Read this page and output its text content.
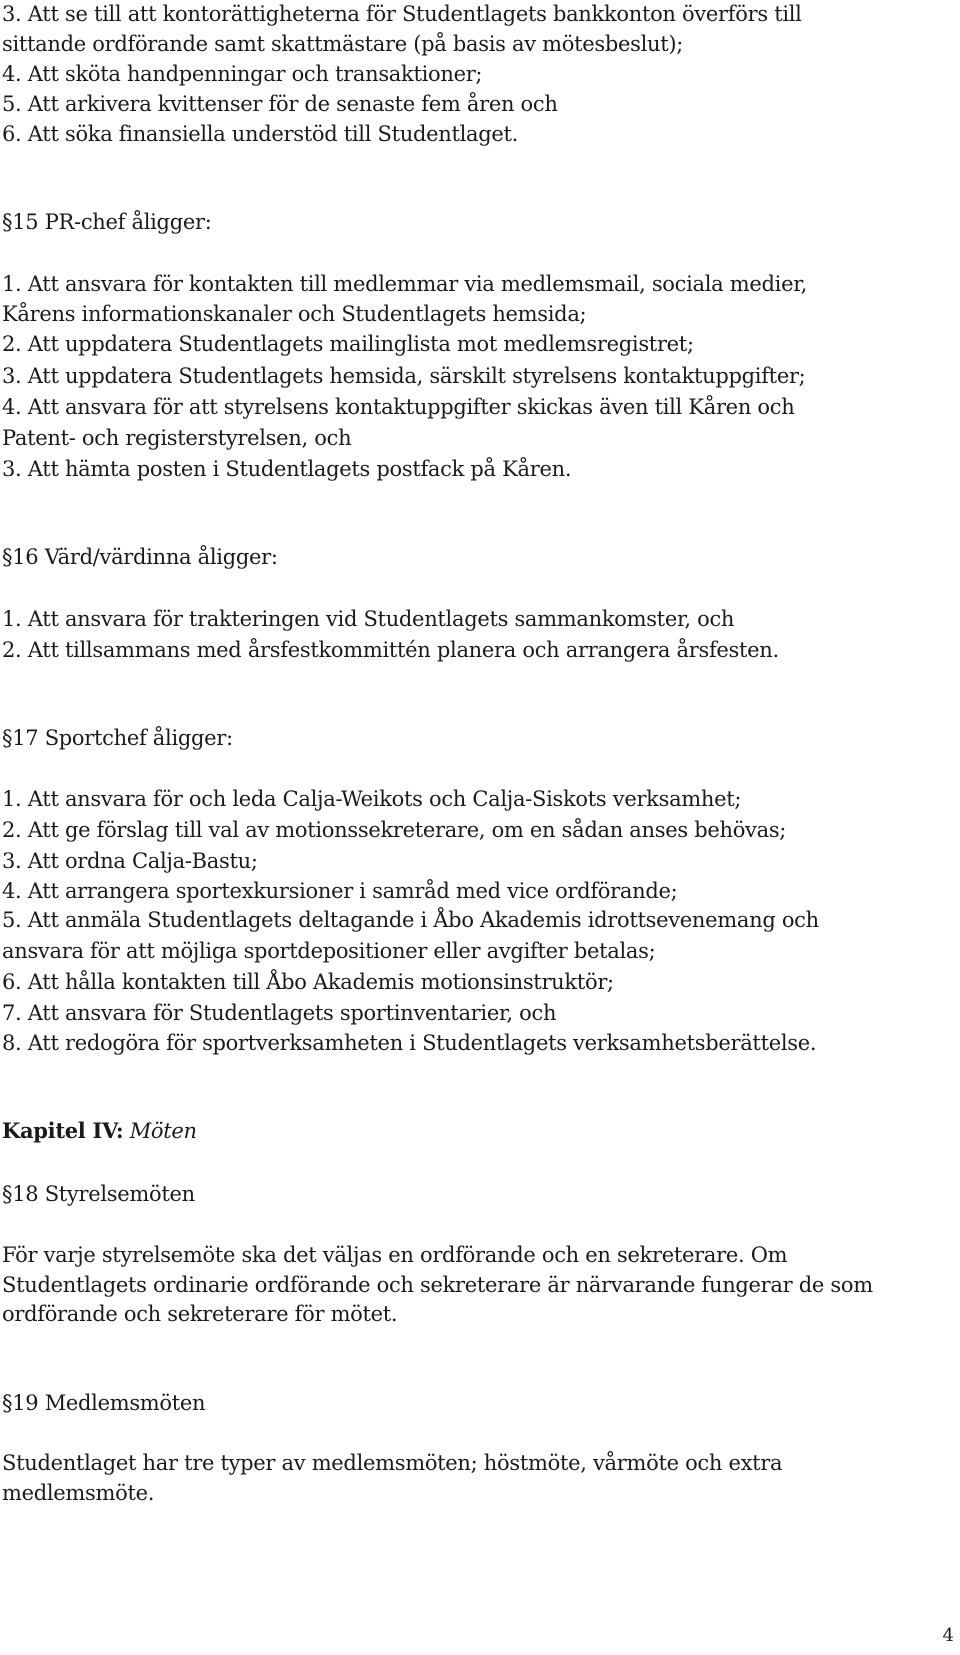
3. Att se till att kontorättigheterna för Studentlagets bankkonton överförs till
sittande ordförande samt skattmästare (på basis av mötesbeslut);
4. Att sköta handpenningar och transaktioner;
5. Att arkivera kvittenser för de senaste fem åren och
6. Att söka finansiella understöd till Studentlaget.
§15 PR-chef åligger:
1. Att ansvara för kontakten till medlemmar via medlemsmail, sociala medier,
Kårens informationskanaler och Studentlagets hemsida;
2. Att uppdatera Studentlagets mailinglista mot medlemsregistret;
3. Att uppdatera Studentlagets hemsida, särskilt styrelsens kontaktuppgifter;
4. Att ansvara för att styrelsens kontaktuppgifter skickas även till Kåren och
Patent- och registerstyrelsen, och
3. Att hämta posten i Studentlagets postfack på Kåren.
§16 Värd/värdinna åligger:
1. Att ansvara för trakteringen vid Studentlagets sammankomster, och
2. Att tillsammans med årsfestkommittén planera och arrangera årsfesten.
§17 Sportchef åligger:
1. Att ansvara för och leda Calja-Weikots och Calja-Siskots verksamhet;
2. Att ge förslag till val av motionssekreterare, om en sådan anses behövas;
3. Att ordna Calja-Bastu;
4. Att arrangera sportexkursioner i samråd med vice ordförande;
5. Att anmäla Studentlagets deltagande i Åbo Akademis idrottsevenemang och
ansvara för att möjliga sportdepositioner eller avgifter betalas;
6. Att hålla kontakten till Åbo Akademis motionsinstruktör;
7. Att ansvara för Studentlagets sportinventarier, och
8. Att redogöra för sportverksamheten i Studentlagets verksamhetsberättelse.
Kapitel IV: Möten
§18 Styrelsemöten
För varje styrelsemöte ska det väljas en ordförande och en sekreterare. Om
Studentlagets ordinarie ordförande och sekreterare är närvarande fungerar de som
ordförande och sekreterare för mötet.
§19 Medlemsmöten
Studentlaget har tre typer av medlemsmöten; höstmöte, vårmöte och extra
medlemsmöte.
4
